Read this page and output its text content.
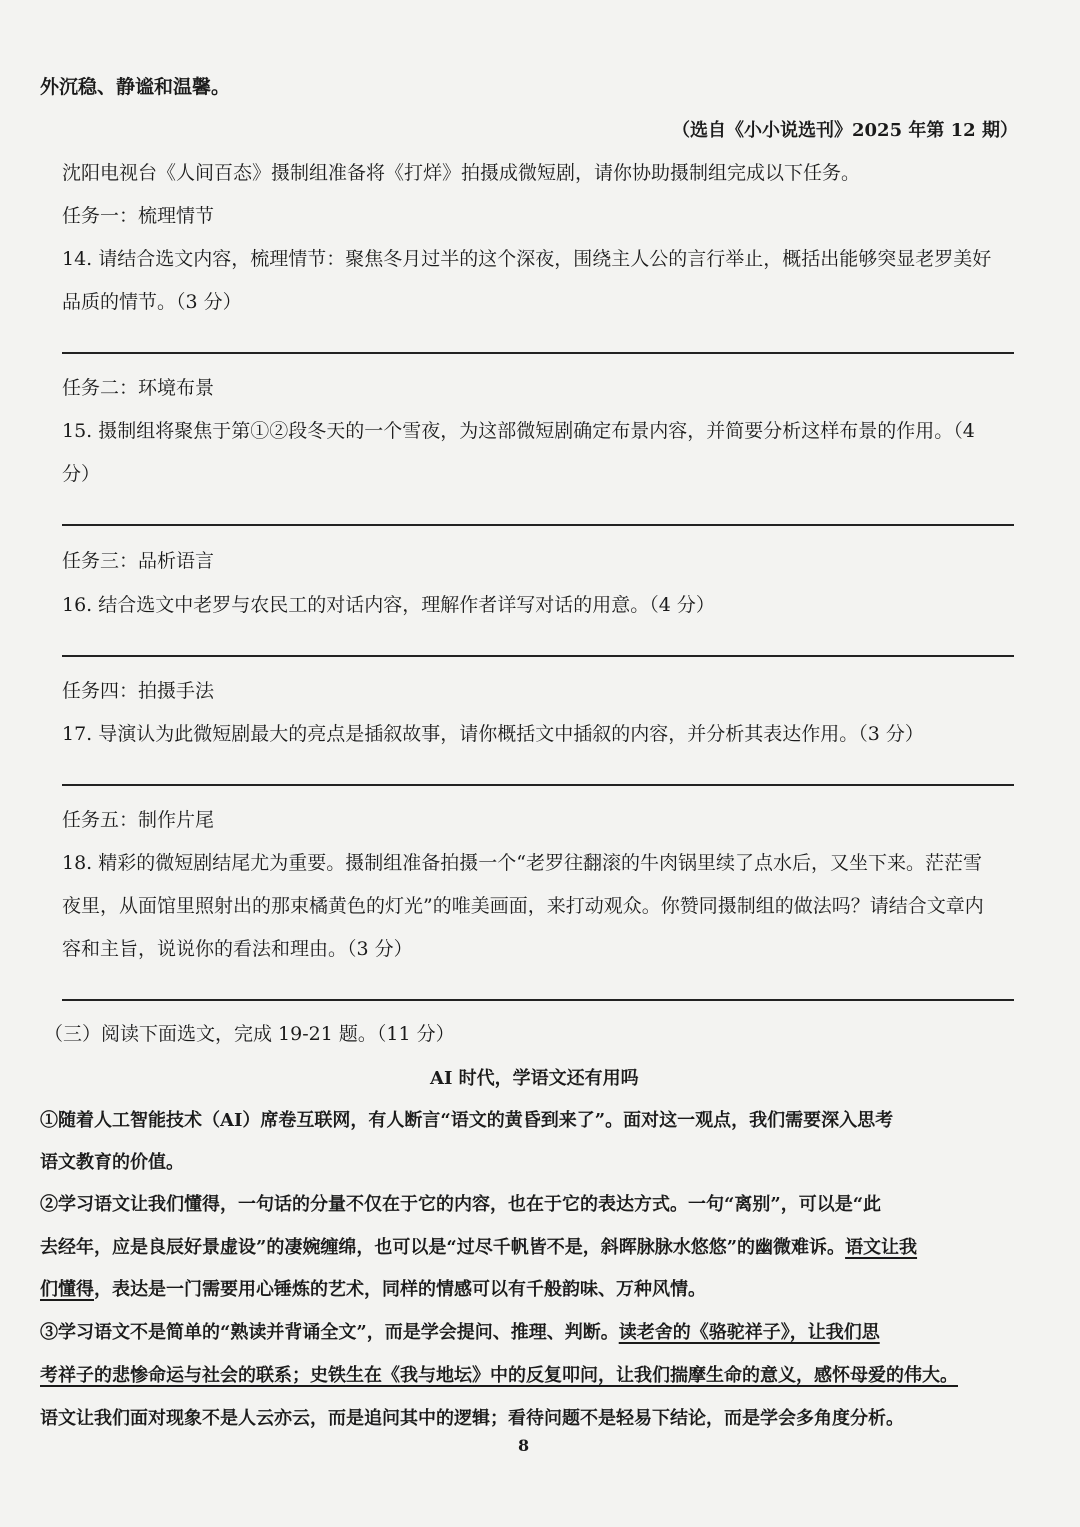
外沉稳、静谧和温馨。
（选自《小小说选刊》2025 年第 12 期）
沈阳电视台《人间百态》摄制组准备将《打烊》拍摄成微短剧，请你协助摄制组完成以下任务。
任务一：梳理情节
14. 请结合选文内容，梳理情节：聚焦冬月过半的这个深夜，围绕主人公的言行举止，概括出能够突显老罗美好
品质的情节。（3 分）
任务二：环境布景
15. 摄制组将聚焦于第①②段冬天的一个雪夜，为这部微短剧确定布景内容，并简要分析这样布景的作用。（4
分）
任务三：品析语言
16. 结合选文中老罗与农民工的对话内容，理解作者详写对话的用意。（4 分）
任务四：拍摄手法
17. 导演认为此微短剧最大的亮点是插叙故事，请你概括文中插叙的内容，并分析其表达作用。（3 分）
任务五：制作片尾
18. 精彩的微短剧结尾尤为重要。摄制组准备拍摄一个“老罗往翻滚的牛肉锅里续了点水后，又坐下来。茫茫雪
夜里，从面馆里照射出的那束橘黄色的灯光”的唯美画面，来打动观众。你赞同摄制组的做法吗？请结合文章内
容和主旨，说说你的看法和理由。（3 分）
（三）阅读下面选文，完成 19-21 题。（11 分）
AI 时代，学语文还有用吗
①随着人工智能技术（AI）席卷互联网，有人断言“语文的黄昏到来了”。面对这一观点，我们需要深入思考
语文教育的价值。
②学习语文让我们懂得，一句话的分量不仅在于它的内容，也在于它的表达方式。一句“离别”，可以是“此
去经年，应是良辰好景虚设”的凄婉缠绵，也可以是“过尽千帆皆不是，斜晖脉脉水悠悠”的幽微难诉。语文让我
们懂得，表达是一门需要用心锤炼的艺术，同样的情感可以有千般韵味、万种风情。
③学习语文不是简单的“熟读并背诵全文”，而是学会提问、推理、判断。读老舍的《骆驼祥子》，让我们思
考祥子的悲惨命运与社会的联系；史铁生在《我与地坛》中的反复叩问，让我们揣摩生命的意义，感怀母爱的伟大。
语文让我们面对现象不是人云亦云，而是追问其中的逻辑；看待问题不是轻易下结论，而是学会多角度分析。
8
